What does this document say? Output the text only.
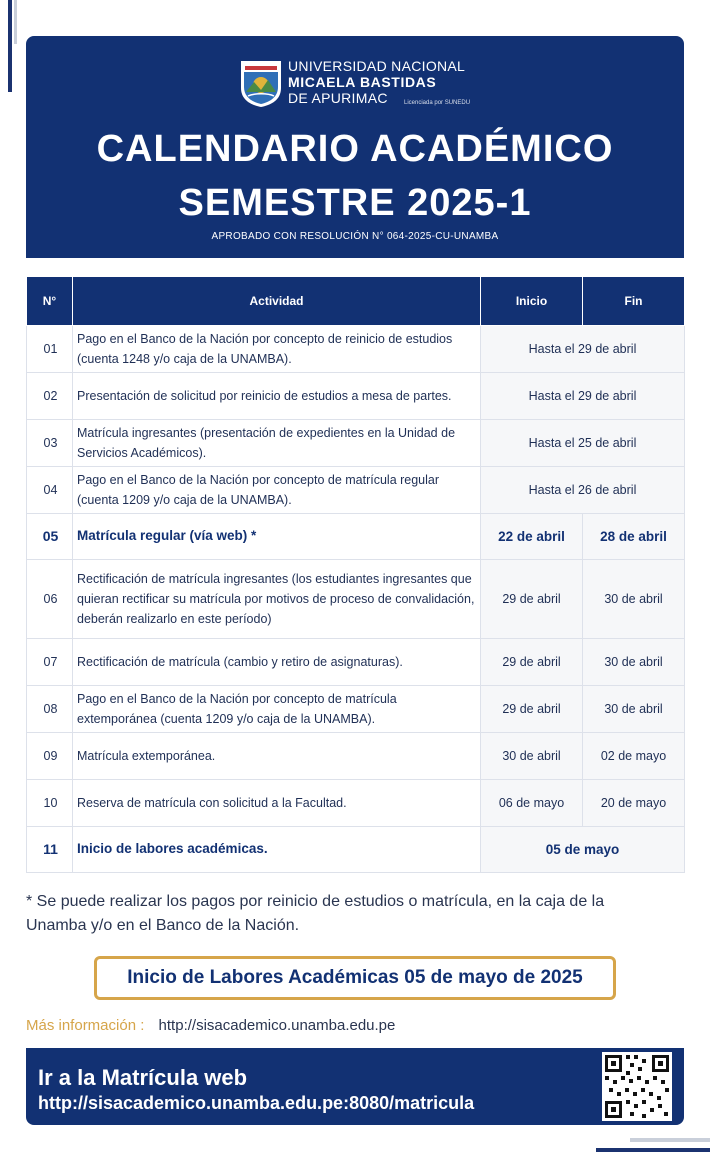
UNIVERSIDAD NACIONAL
MICAELA BASTIDAS
DE APURIMAC	Licenciada por SUNEDU
CALENDARIO ACADÉMICO
SEMESTRE 2025-1
APROBADO CON RESOLUCIÓN N° 064-2025-CU-UNAMBA
N°	Actividad	Inicio	Fin
01	Pago en el Banco de la Nación por concepto de reinicio de estudios (cuenta 1248 y/o caja de la UNAMBA).	Hasta el 29 de abril	
02	Presentación de solicitud por reinicio de estudios a mesa de partes.	Hasta el 29 de abril	
03	Matrícula ingresantes (presentación de expedientes en la Unidad de Servicios Académicos).	Hasta el 25 de abril	
04	Pago en el Banco de la Nación por concepto de matrícula regular (cuenta 1209 y/o caja de la UNAMBA).	Hasta el 26 de abril	
05	Matrícula regular (vía web) *	22 de abril	28 de abril
06	Rectificación de matrícula ingresantes (los estudiantes ingresantes que quieran rectificar su matrícula por motivos de proceso de convalidación, deberán realizarlo en este período)	29 de abril	30 de abril
07	Rectificación de matrícula (cambio y retiro de asignaturas).	29 de abril	30 de abril
08	Pago en el Banco de la Nación por concepto de matrícula extemporánea (cuenta 1209 y/o caja de la UNAMBA).	29 de abril	30 de abril
09	Matrícula extemporánea.	30 de abril	02 de mayo
10	Reserva de matrícula con solicitud a la Facultad.	06 de mayo	20 de mayo
11	Inicio de labores académicas.	05 de mayo	
* Se puede realizar los pagos por reinicio de estudios o matrícula, en la caja de la Unamba y/o en el Banco de la Nación.
Inicio de Labores Académicas 05 de mayo de 2025
Más información : http://sisacademico.unamba.edu.pe
Ir a la Matrícula web
http://sisacademico.unamba.edu.pe:8080/matricula
